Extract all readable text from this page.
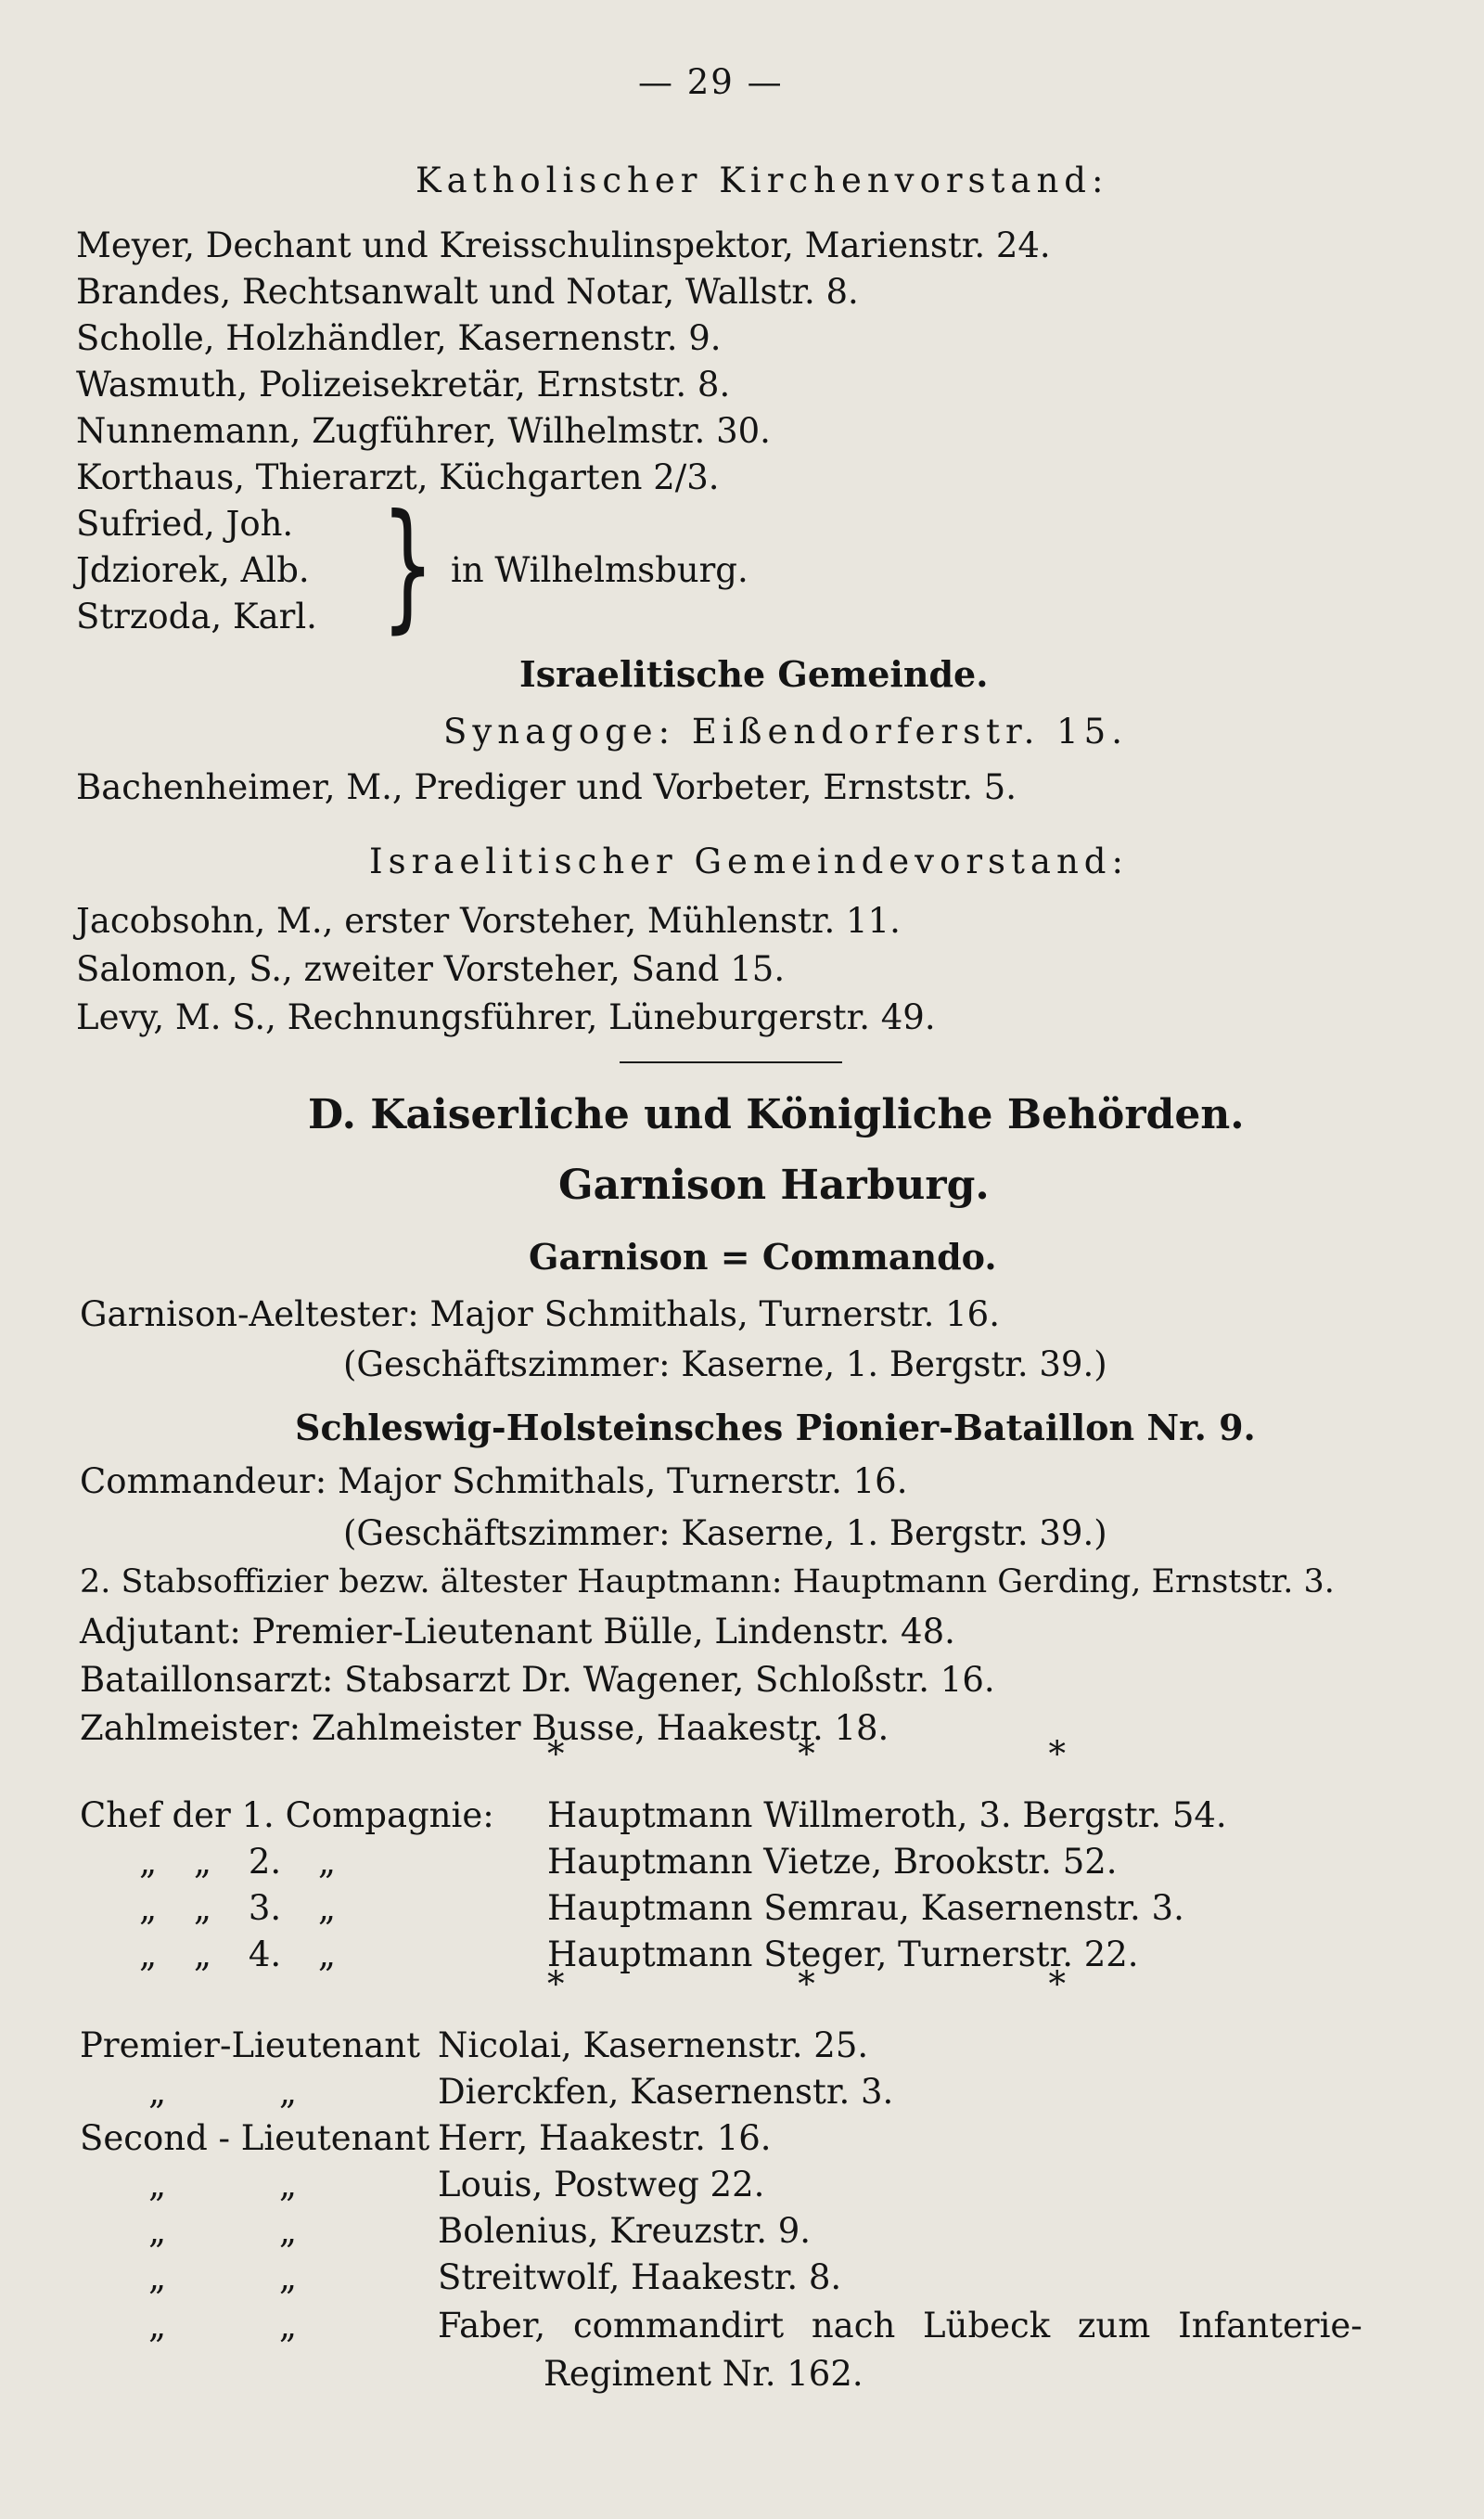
— 29 —
Katholischer Kirchenvorstand:
Meyer, Dechant und Kreisschulinspektor, Marienstr. 24.
Brandes, Rechtsanwalt und Notar, Wallstr. 8.
Scholle, Holzhändler, Kasernenstr. 9.
Wasmuth, Polizeisekretär, Ernststr. 8.
Nunnemann, Zugführer, Wilhelmstr. 30.
Korthaus, Thierarzt, Küchgarten 2/3.
Sufried, Joh.
Jdziorek, Alb.
Strzoda, Karl. } in Wilhelmsburg.
Israelitische Gemeinde.
Synagoge: Eißendorferstr. 15.
Bachenheimer, M., Prediger und Vorbeter, Ernststr. 5.
Israelitischer Gemeindevorstand:
Jacobsohn, M., erster Vorsteher, Mühlenstr. 11.
Salomon, S., zweiter Vorsteher, Sand 15.
Levy, M. S., Rechnungsführer, Lüneburgerstr. 49.
D. Kaiserliche und Königliche Behörden.
Garnison Harburg.
Garnison = Commando.
Garnison-Aeltester: Major Schmithals, Turnerstr. 16.
(Geschäftszimmer: Kaserne, 1. Bergstr. 39.)
Schleswig-Holsteinsches Pionier-Bataillon Nr. 9.
Commandeur: Major Schmithals, Turnerstr. 16.
(Geschäftszimmer: Kaserne, 1. Bergstr. 39.)
2. Stabsoffizier bezw. ältester Hauptmann: Hauptmann Gerding, Ernststr. 3.
Adjutant: Premier-Lieutenant Bülle, Lindenstr. 48.
Bataillonsarzt: Stabsarzt Dr. Wagener, Schloßstr. 16.
Zahlmeister: Zahlmeister Busse, Haakestr. 18.
* * *
Chef der 1. Compagnie: Hauptmann Willmeroth, 3. Bergstr. 54.
„ „ 2. „	Hauptmann Vietze, Brookstr. 52.
„ „ 3. „	Hauptmann Semrau, Kasernenstr. 3.
„ „ 4. „	Hauptmann Steger, Turnerstr. 22.
* * *
Premier-Lieutenant Nicolai, Kasernenstr. 25.
„ „	Dierckfen, Kasernenstr. 3.
Second - Lieutenant Herr, Haakestr. 16.
„ „	Louis, Postweg 22.
„ „	Bolenius, Kreuzstr. 9.
„ „	Streitwolf, Haakestr. 8.
„ „	Faber, commandirt nach Lübeck zum Infanterie-
Regiment Nr. 162.
